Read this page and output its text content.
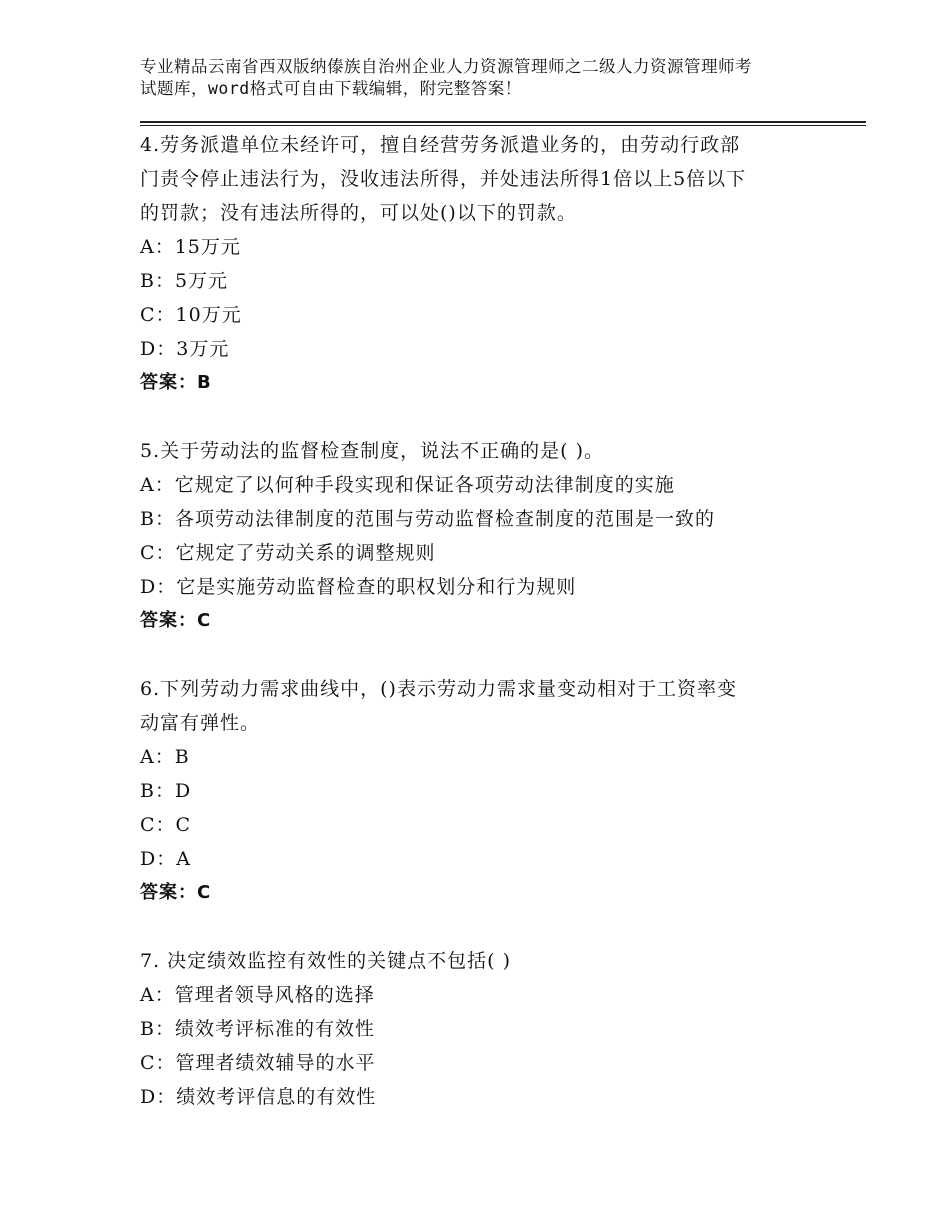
专业精品云南省西双版纳傣族自治州企业人力资源管理师之二级人力资源管理师考
试题库，word格式可自由下载编辑，附完整答案！
4.劳务派遣单位未经许可，擅自经营劳务派遣业务的，由劳动行政部
门责令停止违法行为，没收违法所得，并处违法所得1倍以上5倍以下
的罚款；没有违法所得的，可以处()以下的罚款。
A：15万元
B：5万元
C：10万元
D：3万元
答案：B
5.关于劳动法的监督检查制度，说法不正确的是( )。
A：它规定了以何种手段实现和保证各项劳动法律制度的实施
B：各项劳动法律制度的范围与劳动监督检查制度的范围是一致的
C：它规定了劳动关系的调整规则
D：它是实施劳动监督检查的职权划分和行为规则
答案：C
6.下列劳动力需求曲线中，()表示劳动力需求量变动相对于工资率变
动富有弹性。
A：B
B：D
C：C
D：A
答案：C
7. 决定绩效监控有效性的关键点不包括( )
A：管理者领导风格的选择
B：绩效考评标准的有效性
C：管理者绩效辅导的水平
D：绩效考评信息的有效性
